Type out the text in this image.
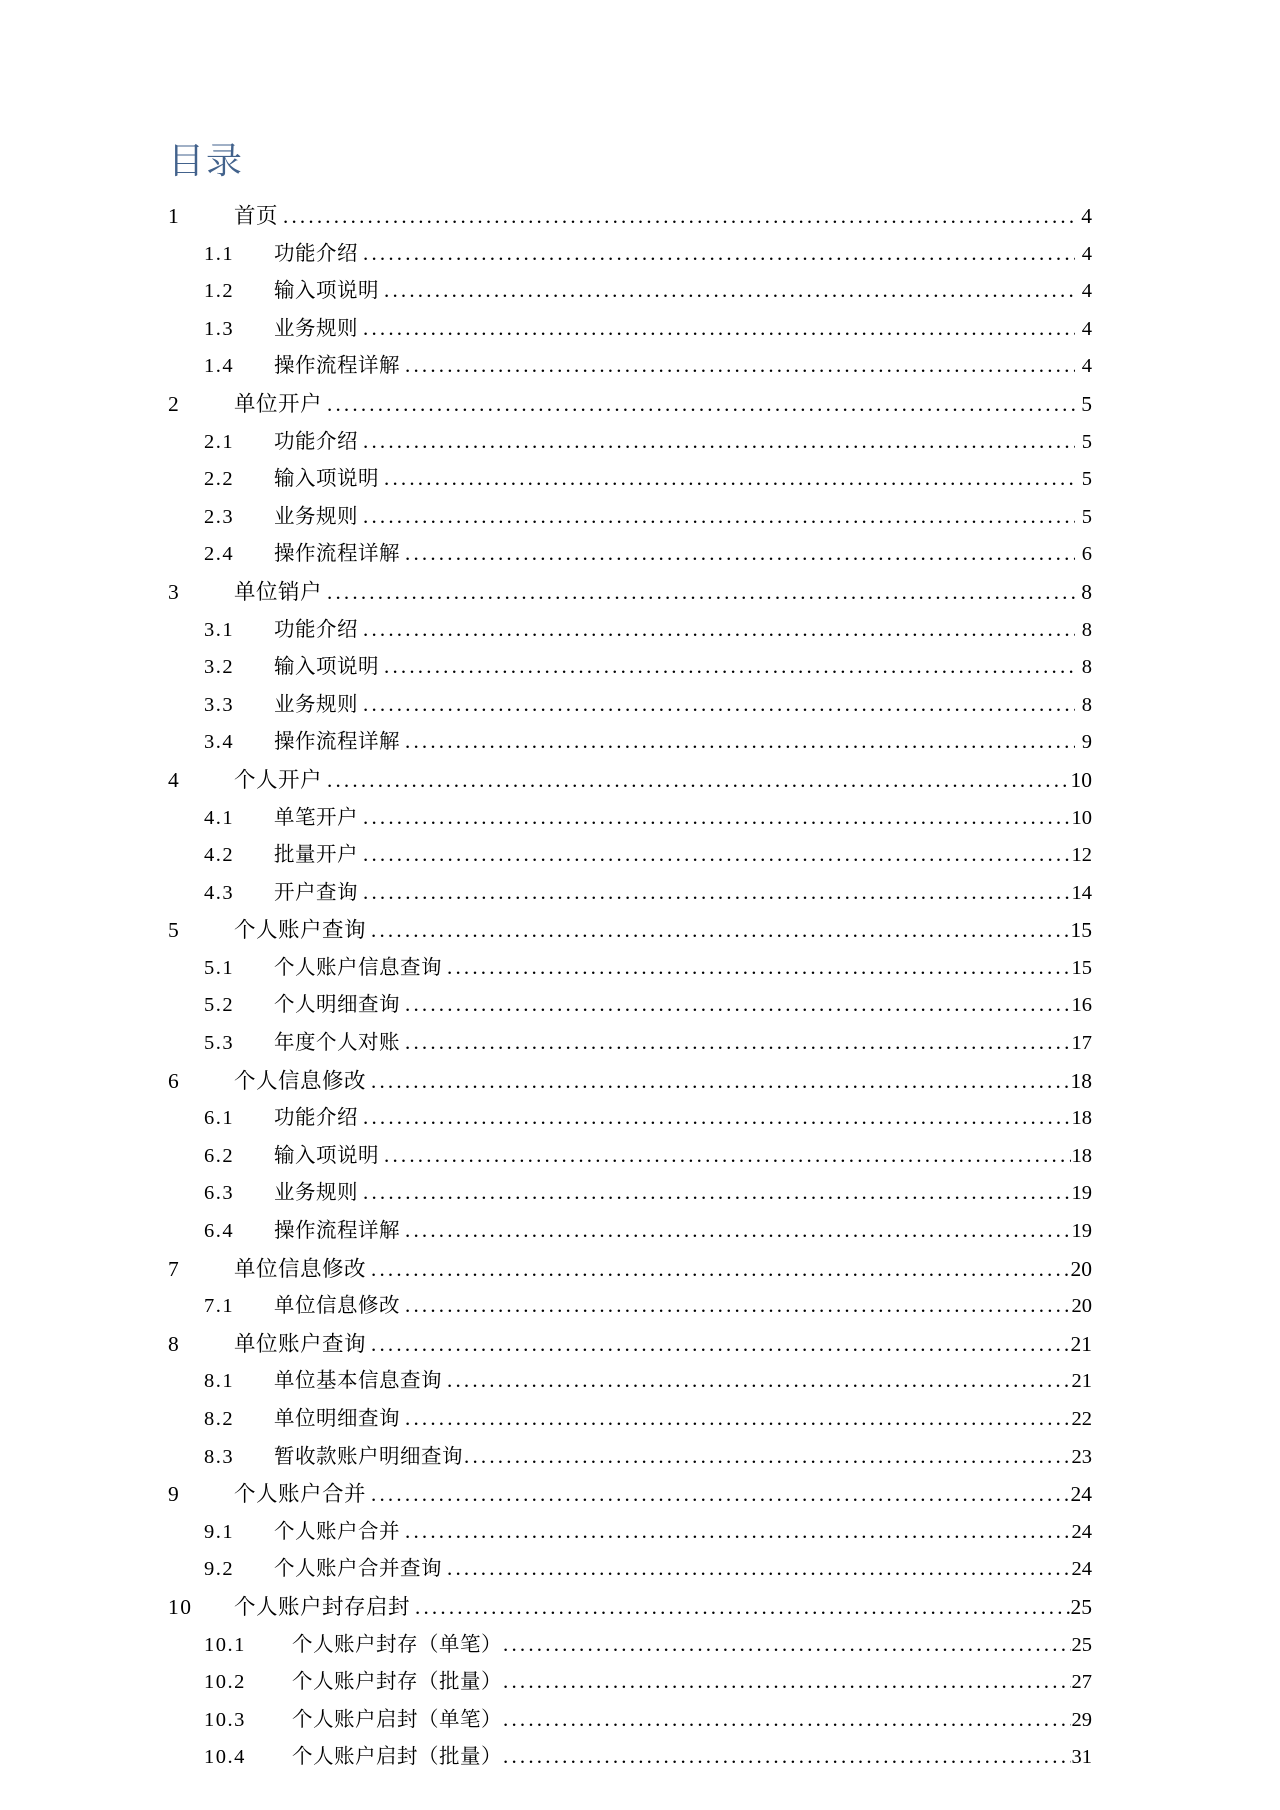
目录
1	首页 .....	4
1.1	功能介绍 .....	4
1.2	输入项说明 .....	4
1.3	业务规则 .....	4
1.4	操作流程详解 .....	4
2	单位开户 .....	5
2.1	功能介绍 .....	5
2.2	输入项说明 .....	5
2.3	业务规则 .....	5
2.4	操作流程详解 .....	6
3	单位销户 .....	8
3.1	功能介绍 .....	8
3.2	输入项说明 .....	8
3.3	业务规则 .....	8
3.4	操作流程详解 .....	9
4	个人开户 .....	10
4.1	单笔开户 .....	10
4.2	批量开户 .....	12
4.3	开户查询 .....	14
5	个人账户查询 .....	15
5.1	个人账户信息查询 .....	15
5.2	个人明细查询 .....	16
5.3	年度个人对账 .....	17
6	个人信息修改 .....	18
6.1	功能介绍 .....	18
6.2	输入项说明 .....	18
6.3	业务规则 .....	19
6.4	操作流程详解 .....	19
7	单位信息修改 .....	20
7.1	单位信息修改 .....	20
8	单位账户查询 .....	21
8.1	单位基本信息查询 .....	21
8.2	单位明细查询 .....	22
8.3	暂收款账户明细查询 .....	23
9	个人账户合并 .....	24
9.1	个人账户合并 .....	24
9.2	个人账户合并查询 .....	24
10	个人账户封存启封 .....	25
10.1	个人账户封存（单笔） .....	25
10.2	个人账户封存（批量） .....	27
10.3	个人账户启封（单笔） .....	29
10.4	个人账户启封（批量） .....	31
